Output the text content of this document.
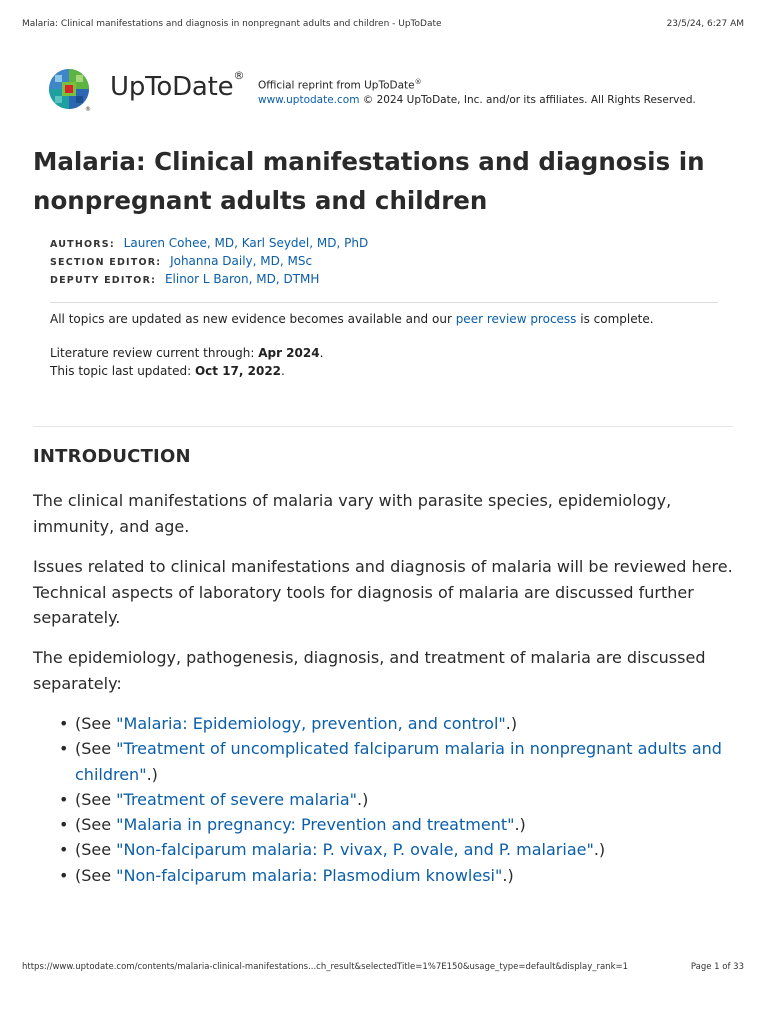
Malaria: Clinical manifestations and diagnosis in nonpregnant adults and children - UpToDate	23/5/24, 6:27 AM
®
UpToDate®
Official reprint from UpToDate®
www.uptodate.com © 2024 UpToDate, Inc. and/or its affiliates. All Rights Reserved.
Malaria: Clinical manifestations and diagnosis in nonpregnant adults and children
AUTHORS: Lauren Cohee, MD, Karl Seydel, MD, PhD
SECTION EDITOR: Johanna Daily, MD, MSc
DEPUTY EDITOR: Elinor L Baron, MD, DTMH
All topics are updated as new evidence becomes available and our peer review process is complete.
Literature review current through: Apr 2024.
This topic last updated: Oct 17, 2022.
INTRODUCTION

The clinical manifestations of malaria vary with parasite species, epidemiology, immunity, and age.

Issues related to clinical manifestations and diagnosis of malaria will be reviewed here. Technical aspects of laboratory tools for diagnosis of malaria are discussed further separately.

The epidemiology, pathogenesis, diagnosis, and treatment of malaria are discussed separately:

• (See "Malaria: Epidemiology, prevention, and control".)
• (See "Treatment of uncomplicated falciparum malaria in nonpregnant adults and children".)
• (See "Treatment of severe malaria".)
• (See "Malaria in pregnancy: Prevention and treatment".)
• (See "Non-falciparum malaria: P. vivax, P. ovale, and P. malariae".)
• (See "Non-falciparum malaria: Plasmodium knowlesi".)
https://www.uptodate.com/contents/malaria-clinical-manifestations...ch_result&selectedTitle=1%7E150&usage_type=default&display_rank=1	Page 1 of 33
